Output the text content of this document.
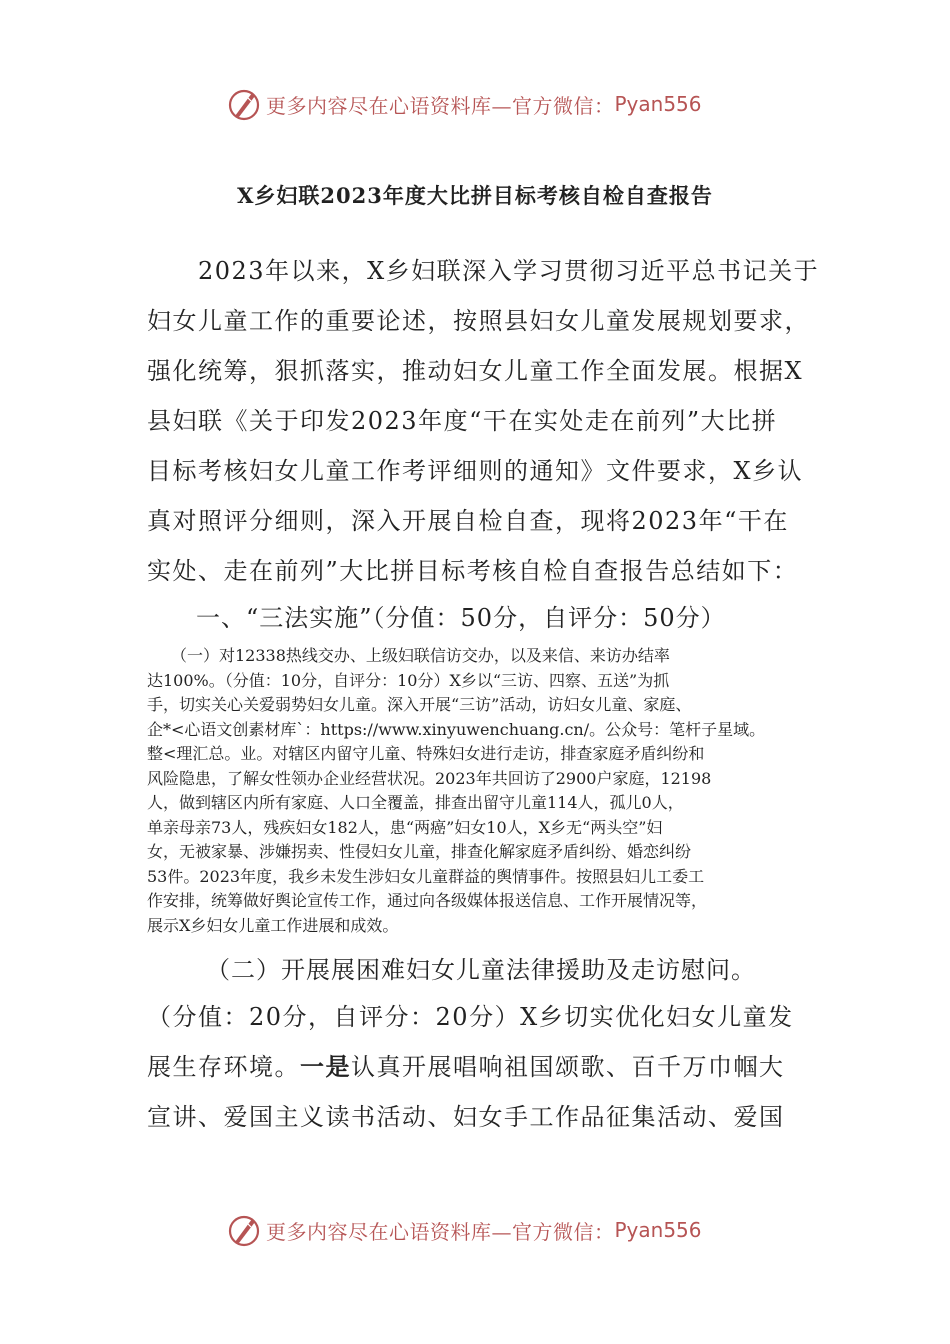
更多内容尽在心语资料库—官方微信： Pyan556
X乡妇联2023年度大比拼目标考核自检自查报告

　　2023年以来，X乡妇联深入学习贯彻习近平总书记关于
妇女儿童工作的重要论述，按照县妇女儿童发展规划要求，
强化统筹，狠抓落实，推动妇女儿童工作全面发展。根据X
县妇联《关于印发2023年度“干在实处走在前列”大比拼
目标考核妇女儿童工作考评细则的通知》文件要求，X乡认
真对照评分细则，深入开展自检自查，现将2023年“干在
实处、走在前列”大比拼目标考核自检自查报告总结如下：

一、“三法实施”（分值：50分，自评分：50分）

　　（一）对12338热线交办、上级妇联信访交办，以及来信、来访办结率
达100%。（分值：10分，自评分：10分）X乡以“三访、四察、五送”为抓
手，切实关心关爱弱势妇女儿童。深入开展“三访”活动，访妇女儿童、家庭、
企*<心语文创素材库`：https://www.xinyuwenchuang.cn/。公众号：笔杆子星域。
整<理汇总。业。对辖区内留守儿童、特殊妇女进行走访，排查家庭矛盾纠纷和
风险隐患，了解女性领办企业经营状况。2023年共回访了2900户家庭，12198
人，做到辖区内所有家庭、人口全覆盖，排查出留守儿童114人，孤儿0人，
单亲母亲73人，残疾妇女182人，患“两癌”妇女10人，X乡无“两头空”妇
女，无被家暴、涉嫌拐卖、性侵妇女儿童，排查化解家庭矛盾纠纷、婚恋纠纷
53件。2023年度，我乡未发生涉妇女儿童群益的舆情事件。按照县妇儿工委工
作安排，统筹做好舆论宣传工作，通过向各级媒体报送信息、工作开展情况等，
展示X乡妇女儿童工作进展和成效。

（二）开展展困难妇女儿童法律援助及走访慰问。

（分值：20分，自评分：20分）X乡切实优化妇女儿童发
展生存环境。一是认真开展唱响祖国颂歌、百千万巾帼大
宣讲、爱国主义读书活动、妇女手工作品征集活动、爱国

更多内容尽在心语资料库—官方微信： Pyan556
